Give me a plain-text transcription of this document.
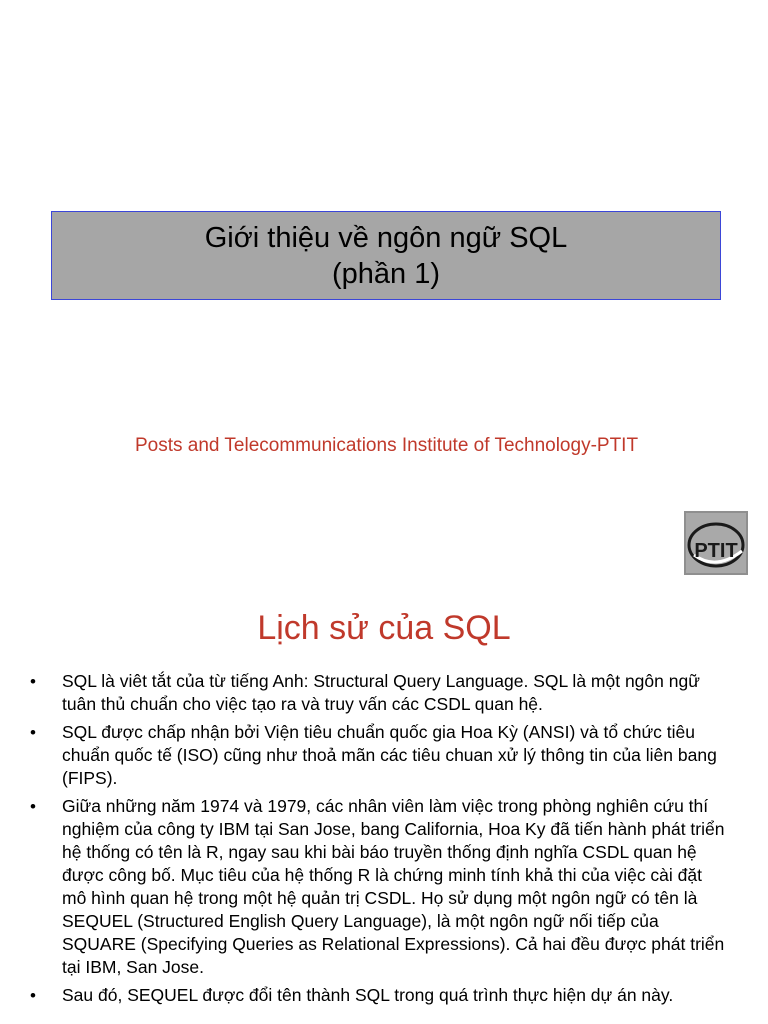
Giới thiệu về ngôn ngữ SQL
(phần 1)
Posts and Telecommunications Institute of Technology-PTIT
PTIT
Lịch sử của SQL
• SQL là viêt tắt của từ tiếng Anh: Structural Query Language. SQL là một ngôn ngữ tuân thủ chuẩn cho việc tạo ra và truy vấn các CSDL quan hệ.
• SQL được chấp nhận bởi Viện tiêu chuẩn quốc gia Hoa Kỳ (ANSI) và tổ chức tiêu chuẩn quốc tế (ISO) cũng như thoả mãn các tiêu chuan xử lý thông tin của liên bang (FIPS).
• Giữa những năm 1974 và 1979, các nhân viên làm việc trong phòng nghiên cứu thí nghiệm của công ty IBM tại San Jose, bang California, Hoa Ky đã tiến hành phát triển hệ thống có tên là R, ngay sau khi bài báo truyền thống định nghĩa CSDL quan hệ được công bố. Mục tiêu của hệ thống R là chứng minh tính khả thi của việc cài đặt mô hình quan hệ trong một hệ quản trị CSDL. Họ sử dụng một ngôn ngữ có tên là SEQUEL (Structured English Query Language), là một ngôn ngữ nối tiếp của SQUARE (Specifying Queries as Relational Expressions). Cả hai đều được phát triển tại IBM, San Jose.
• Sau đó, SEQUEL được đổi tên thành SQL trong quá trình thực hiện dự án này.
